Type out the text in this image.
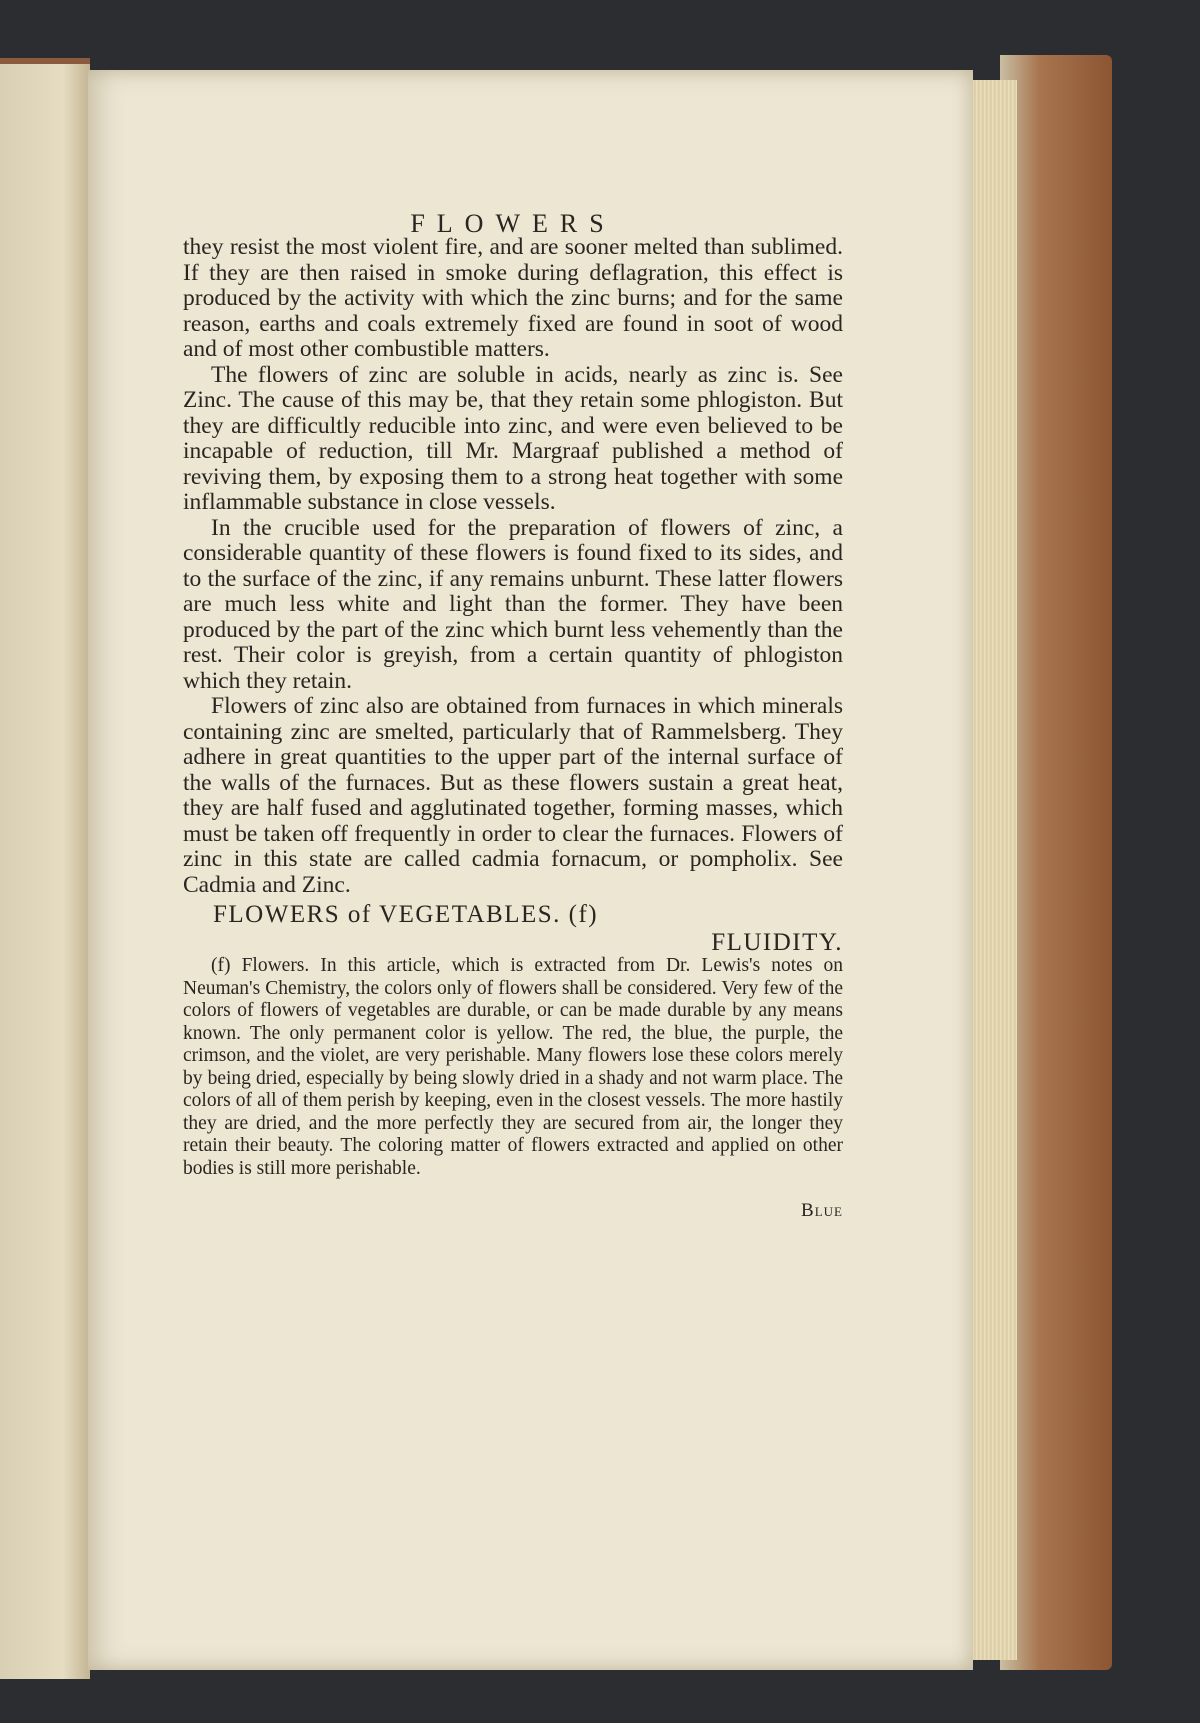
FLOWERS

they resist the most violent fire, and are sooner melted than sublimed. If they are then raised in smoke during deflagration, this effect is produced by the activity with which the zinc burns; and for the same reason, earths and coals extremely fixed are found in soot of wood and of most other combustible matters.

The flowers of zinc are soluble in acids, nearly as zinc is. See Zinc. The cause of this may be, that they retain some phlogiston. But they are difficultly reducible into zinc, and were even believed to be incapable of reduction, till Mr. Margraaf published a method of reviving them, by exposing them to a strong heat together with some inflammable substance in close vessels.

In the crucible used for the preparation of flowers of zinc, a considerable quantity of these flowers is found fixed to its sides, and to the surface of the zinc, if any remains unburnt. These latter flowers are much less white and light than the former. They have been produced by the part of the zinc which burnt less vehemently than the rest. Their color is greyish, from a certain quantity of phlogiston which they retain.

Flowers of zinc also are obtained from furnaces in which minerals containing zinc are smelted, particularly that of Rammelsberg. They adhere in great quantities to the upper part of the internal surface of the walls of the furnaces. But as these flowers sustain a great heat, they are half fused and agglutinated together, forming masses, which must be taken off frequently in order to clear the furnaces. Flowers of zinc in this state are called cadmia fornacum, or pompholix. See Cadmia and Zinc.

FLOWERS of VEGETABLES. (f)
FLUIDITY.

(f) Flowers. In this article, which is extracted from Dr. Lewis's notes on Neuman's Chemistry, the colors only of flowers shall be considered. Very few of the colors of flowers of vegetables are durable, or can be made durable by any means known. The only permanent color is yellow. The red, the blue, the purple, the crimson, and the violet, are very perishable. Many flowers lose these colors merely by being dried, especially by being slowly dried in a shady and not warm place. The colors of all of them perish by keeping, even in the closest vessels. The more hastily they are dried, and the more perfectly they are secured from air, the longer they retain their beauty. The coloring matter of flowers extracted and applied on other bodies is still more perishable.

Blue
